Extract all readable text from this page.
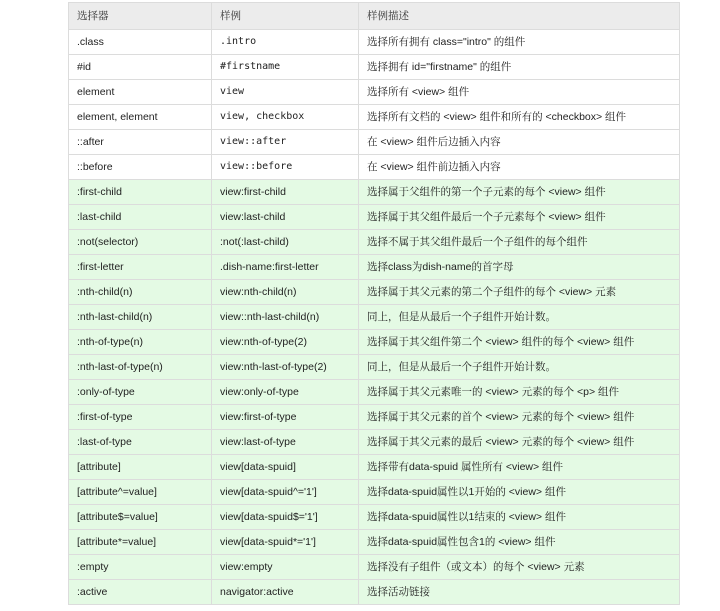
选择器	样例	样例描述
.class	.intro	选择所有拥有 class="intro" 的组件
#id	#firstname	选择拥有 id="firstname" 的组件
element	view	选择所有 <view> 组件
element, element	view, checkbox	选择所有文档的 <view> 组件和所有的 <checkbox> 组件
::after	view::after	在 <view> 组件后边插入内容
::before	view::before	在 <view> 组件前边插入内容
:first-child	view:first-child	选择属于父组件的第一个子元素的每个 <view> 组件
:last-child	view:last-child	选择属于其父组件最后一个子元素每个 <view> 组件
:not(selector)	:not(:last-child)	选择不属于其父组件最后一个子组件的每个组件
:first-letter	.dish-name:first-letter	选择class为dish-name的首字母
:nth-child(n)	view:nth-child(n)	选择属于其父元素的第二个子组件的每个 <view> 元素
:nth-last-child(n)	view::nth-last-child(n)	同上，但是从最后一个子组件开始计数。
:nth-of-type(n)	view:nth-of-type(2)	选择属于其父组件第二个 <view> 组件的每个 <view> 组件
:nth-last-of-type(n)	view:nth-last-of-type(2)	同上，但是从最后一个子组件开始计数。
:only-of-type	view:only-of-type	选择属于其父元素唯一的 <view> 元素的每个 <p> 组件
:first-of-type	view:first-of-type	选择属于其父元素的首个 <view> 元素的每个 <view> 组件
:last-of-type	view:last-of-type	选择属于其父元素的最后 <view> 元素的每个 <view> 组件
[attribute]	view[data-spuid]	选择带有data-spuid 属性所有 <view> 组件
[attribute^=value]	view[data-spuid^='1']	选择data-spuid属性以1开始的 <view> 组件
[attribute$=value]	view[data-spuid$='1']	选择data-spuid属性以1结束的 <view> 组件
[attribute*=value]	view[data-spuid*='1']	选择data-spuid属性包含1的 <view> 组件
:empty	view:empty	选择没有子组件（或文本）的每个 <view> 元素
:active	navigator:active	选择活动链接
